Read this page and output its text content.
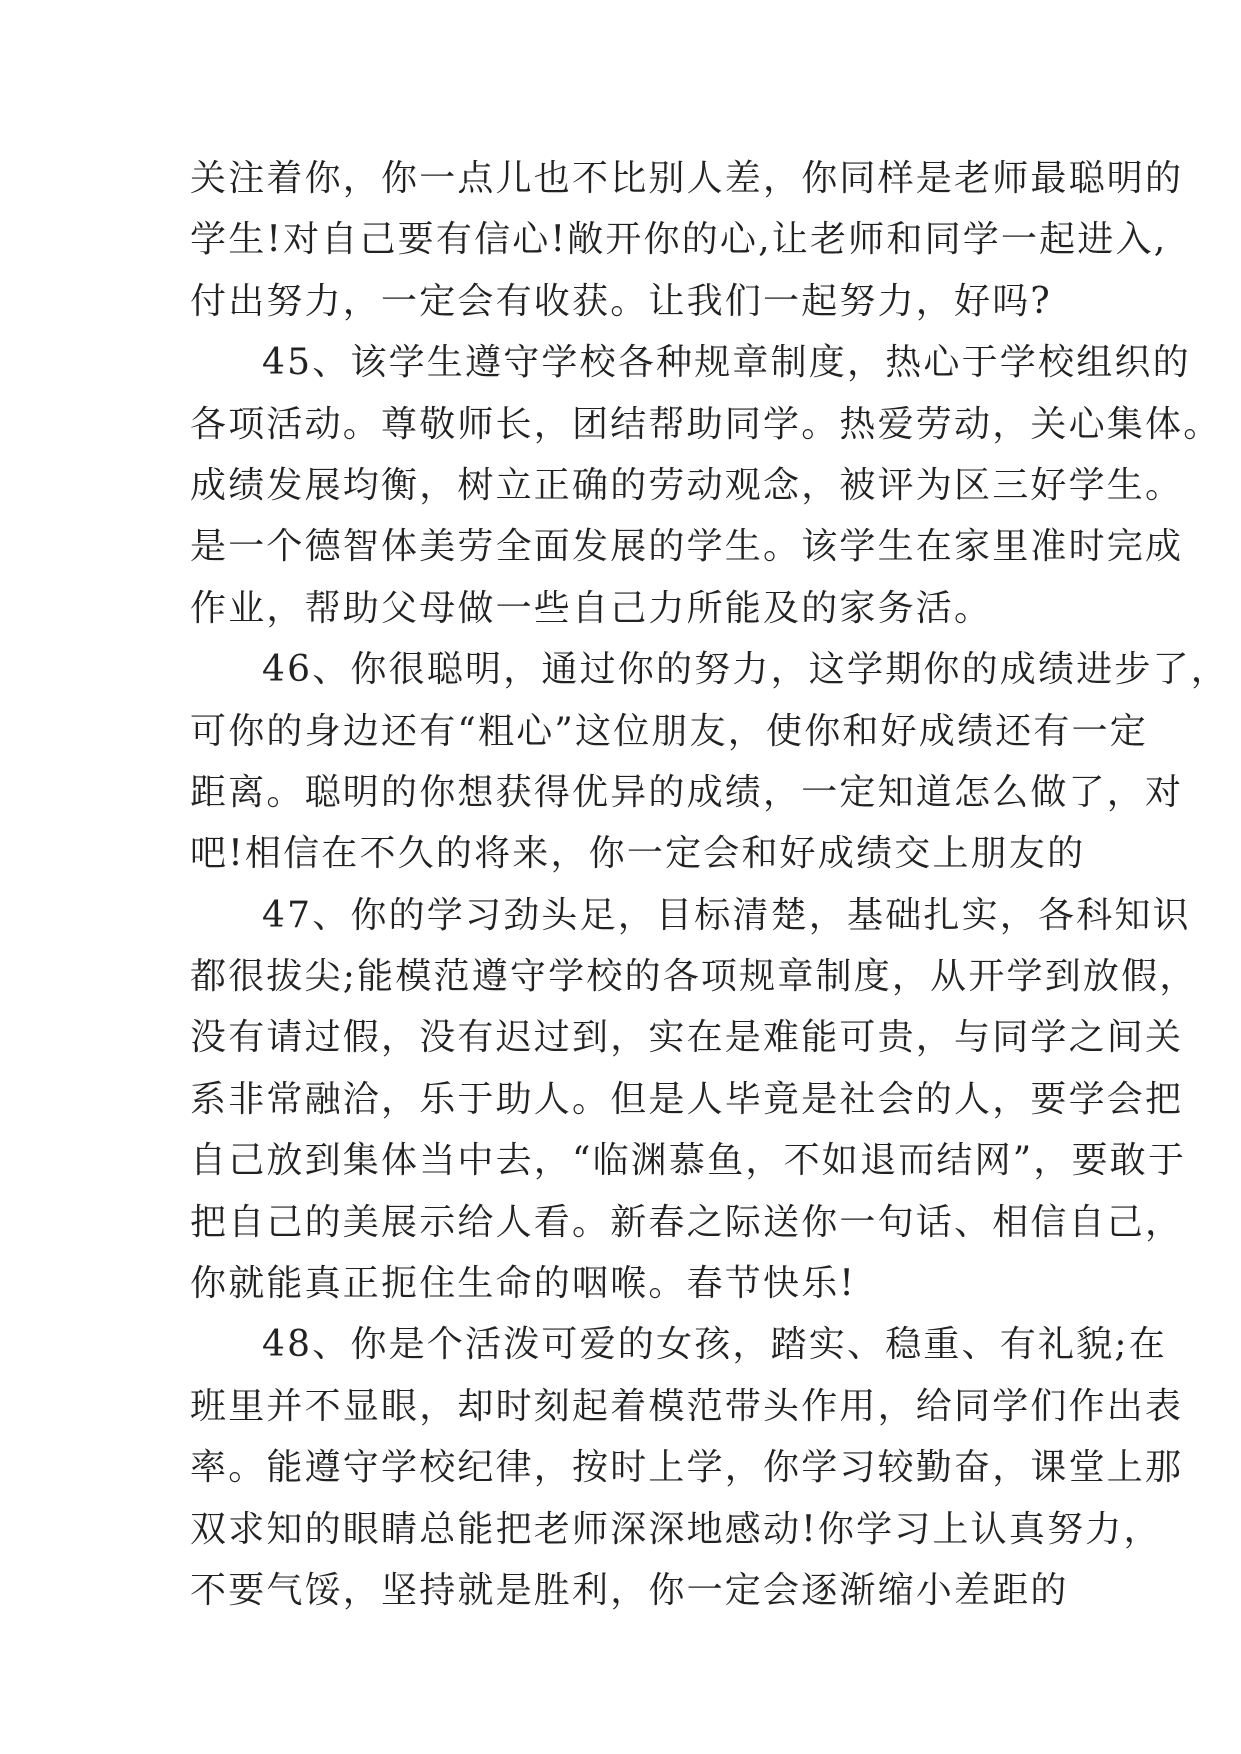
关注着你，你一点儿也不比别人差，你同样是老师最聪明的
学生!对自己要有信心!敞开你的心,让老师和同学一起进入,
付出努力，一定会有收获。让我们一起努力，好吗?
45、该学生遵守学校各种规章制度，热心于学校组织的
各项活动。尊敬师长，团结帮助同学。热爱劳动，关心集体。
成绩发展均衡，树立正确的劳动观念，被评为区三好学生。
是一个德智体美劳全面发展的学生。该学生在家里准时完成
作业，帮助父母做一些自己力所能及的家务活。
46、你很聪明，通过你的努力，这学期你的成绩进步了，
可你的身边还有“粗心”这位朋友，使你和好成绩还有一定
距离。聪明的你想获得优异的成绩，一定知道怎么做了，对
吧!相信在不久的将来，你一定会和好成绩交上朋友的
47、你的学习劲头足，目标清楚，基础扎实，各科知识
都很拔尖;能模范遵守学校的各项规章制度，从开学到放假，
没有请过假，没有迟过到，实在是难能可贵，与同学之间关
系非常融洽，乐于助人。但是人毕竟是社会的人，要学会把
自己放到集体当中去，“临渊慕鱼，不如退而结网”，要敢于
把自己的美展示给人看。新春之际送你一句话、相信自己，
你就能真正扼住生命的咽喉。春节快乐!
48、你是个活泼可爱的女孩，踏实、稳重、有礼貌;在
班里并不显眼，却时刻起着模范带头作用，给同学们作出表
率。能遵守学校纪律，按时上学，你学习较勤奋，课堂上那
双求知的眼睛总能把老师深深地感动!你学习上认真努力，
不要气馁，坚持就是胜利，你一定会逐渐缩小差距的
